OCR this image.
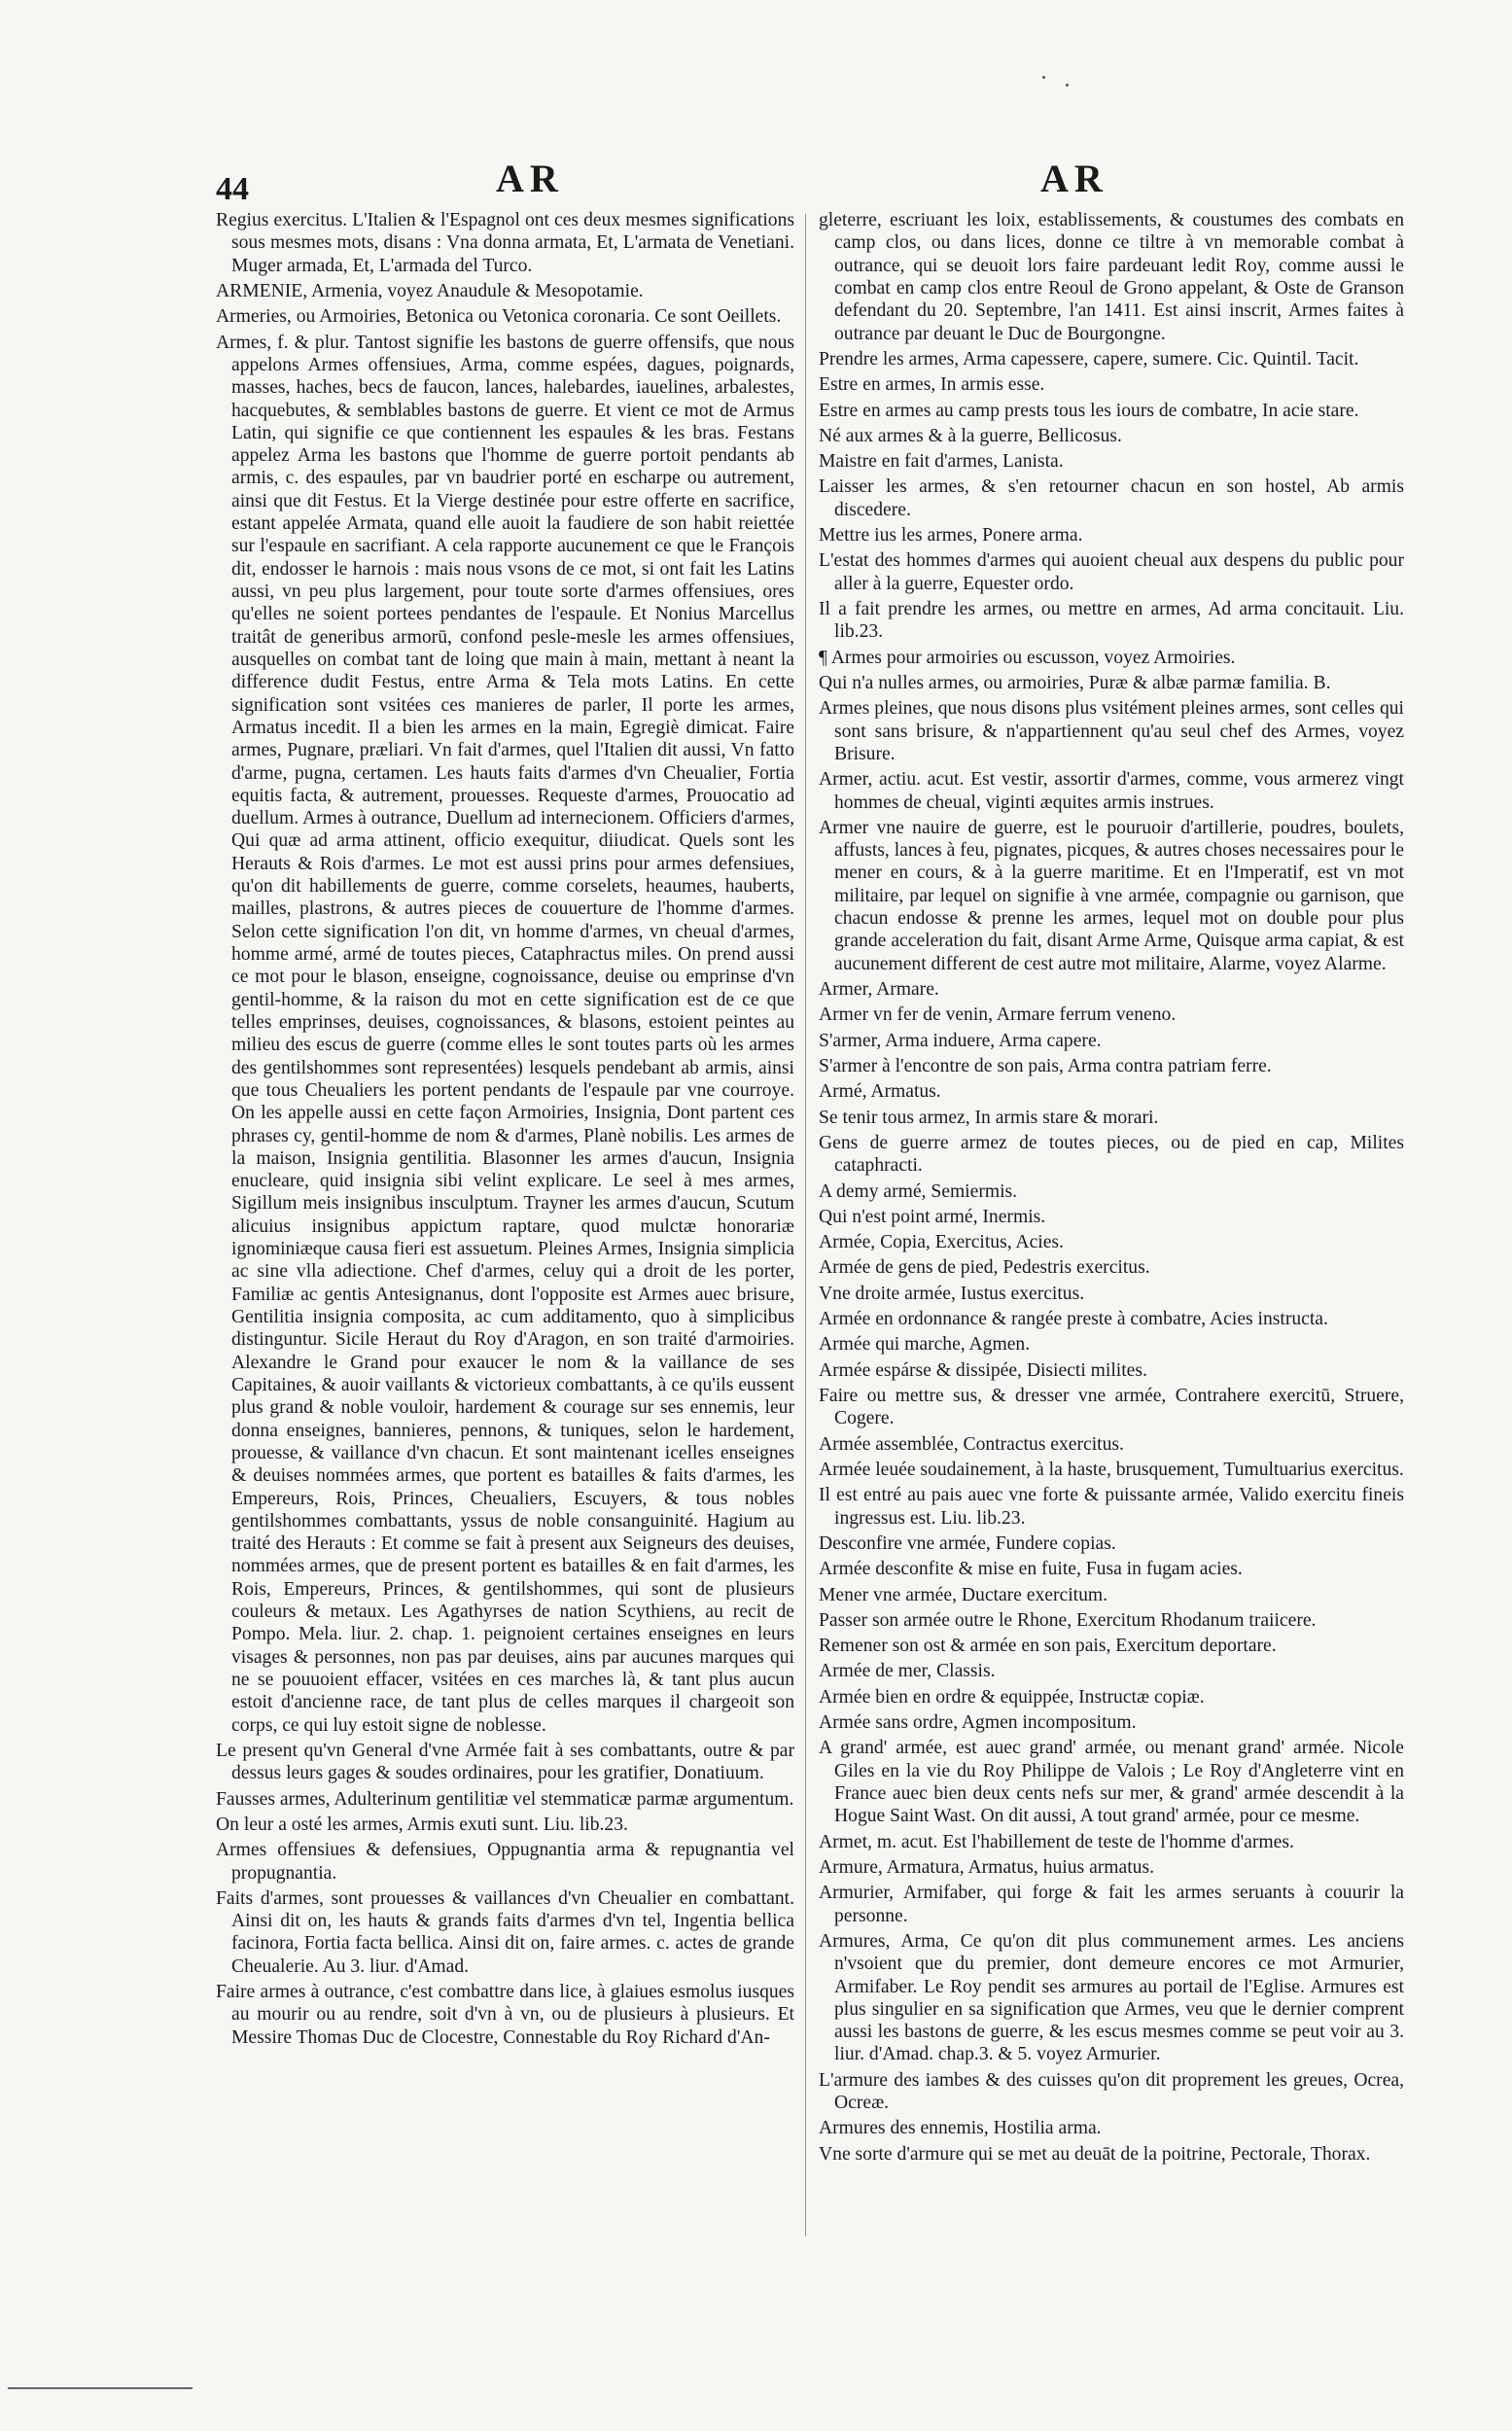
44	AR	AR

Regius exercitus. L'Italien & l'Espagnol ont ces deux mesmes significations sous mesmes mots, disans : Vna donna armata, Et, L'armata de Venetiani. Muger armada, Et, L'armada del Turco.

ARMENIE, Armenia, voyez Anaudule & Mesopotamie.

Armeries, ou Armoiries, Betonica ou Vetonica coronaria. Ce sont Oeillets.

Armes, f. & plur. Tantost signifie les bastons de guerre offensifs, que nous appelons Armes offensiues, Arma, comme espées, dagues, poignards, masses, haches, becs de faucon, lances, halebardes, iauelines, arbalestes, hacquebutes, & semblables bastons de guerre. Et vient ce mot de Armus Latin, qui signifie ce que contiennent les espaules & les bras. Festans appelez Arma les bastons que l'homme de guerre portoit pendants ab armis, c. des espaules, par vn baudrier porté en escharpe ou autrement, ainsi que dit Festus. Et la Vierge destinée pour estre offerte en sacrifice, estant appelée Armata, quand elle auoit la faudiere de son habit reiettée sur l'espaule en sacrifiant. A cela rapporte aucunement ce que le François dit, endosser le harnois : mais nous vsons de ce mot, si ont fait les Latins aussi, vn peu plus largement, pour toute sorte d'armes offensiues, ores qu'elles ne soient portees pendantes de l'espaule. Et Nonius Marcellus traitât de generibus armorū, confond pesle-mesle les armes offensiues, ausquelles on combat tant de loing que main à main, mettant à neant la difference dudit Festus, entre Arma & Tela mots Latins. En cette signification sont vsitées ces manieres de parler, Il porte les armes, Armatus incedit. Il a bien les armes en la main, Egregiè dimicat. Faire armes, Pugnare, præliari. Vn fait d'armes, quel l'Italien dit aussi, Vn fatto d'arme, pugna, certamen. Les hauts faits d'armes d'vn Cheualier, Fortia equitis facta, & autrement, prouesses. Requeste d'armes, Prouocatio ad duellum. Armes à outrance, Duellum ad internecionem. Officiers d'armes, Qui quæ ad arma attinent, officio exequitur, diiudicat. Quels sont les Herauts & Rois d'armes. Le mot est aussi prins pour armes defensiues, qu'on dit habillements de guerre, comme corselets, heaumes, hauberts, mailles, plastrons, & autres pieces de couuerture de l'homme d'armes. Selon cette signification l'on dit, vn homme d'armes, vn cheual d'armes, homme armé, armé de toutes pieces, Cataphractus miles. On prend aussi ce mot pour le blason, enseigne, cognoissance, deuise ou emprinse d'vn gentil-homme, & la raison du mot en cette signification est de ce que telles emprinses, deuises, cognoissances, & blasons, estoient peintes au milieu des escus de guerre (comme elles le sont toutes parts où les armes des gentilshommes sont representées) lesquels pendebant ab armis, ainsi que tous Cheualiers les portent pendants de l'espaule par vne courroye. On les appelle aussi en cette façon Armoiries, Insignia, Dont partent ces phrases cy, gentil-homme de nom & d'armes, Planè nobilis. Les armes de la maison, Insignia gentilitia. Blasonner les armes d'aucun, Insignia enucleare, quid insignia sibi velint explicare. Le seel à mes armes, Sigillum meis insignibus insculptum. Trayner les armes d'aucun, Scutum alicuius insignibus appictum raptare, quod mulctæ honorariæ ignominiæque causa fieri est assuetum. Pleines Armes, Insignia simplicia ac sine vlla adiectione. Chef d'armes, celuy qui a droit de les porter, Familiæ ac gentis Antesignanus, dont l'opposite est Armes auec brisure, Gentilitia insignia composita, ac cum additamento, quo à simplicibus distinguntur. Sicile Heraut du Roy d'Aragon, en son traité d'armoiries. Alexandre le Grand pour exaucer le nom & la vaillance de ses Capitaines, & auoir vaillants & victorieux combattants, à ce qu'ils eussent plus grand & noble vouloir, hardement & courage sur ses ennemis, leur donna enseignes, bannieres, pennons, & tuniques, selon le hardement, prouesse, & vaillance d'vn chacun. Et sont maintenant icelles enseignes & deuises nommées armes, que portent es batailles & faits d'armes, les Empereurs, Rois, Princes, Cheualiers, Escuyers, & tous nobles gentilshommes combattants, yssus de noble consanguinité. Hagium au traité des Herauts : Et comme se fait à present aux Seigneurs des deuises, nommées armes, que de present portent es batailles & en fait d'armes, les Rois, Empereurs, Princes, & gentilshommes, qui sont de plusieurs couleurs & metaux. Les Agathyrses de nation Scythiens, au recit de Pompo. Mela. liur. 2. chap. 1. peignoient certaines enseignes en leurs visages & personnes, non pas par deuises, ains par aucunes marques qui ne se pouuoient effacer, vsitées en ces marches là, & tant plus aucun estoit d'ancienne race, de tant plus de celles marques il chargeoit son corps, ce qui luy estoit signe de noblesse.

Le present qu'vn General d'vne Armée fait à ses combattants, outre & par dessus leurs gages & soudes ordinaires, pour les gratifier, Donatiuum.

Fausses armes, Adulterinum gentilitiæ vel stemmaticæ parmæ argumentum.

On leur a osté les armes, Armis exuti sunt. Liu. lib.23.

Armes offensiues & defensiues, Oppugnantia arma & repugnantia vel propugnantia.

Faits d'armes, sont prouesses & vaillances d'vn Cheualier en combattant. Ainsi dit on, les hauts & grands faits d'armes d'vn tel, Ingentia bellica facinora, Fortia facta bellica. Ainsi dit on, faire armes. c. actes de grande Cheualerie. Au 3. liur. d'Amad.

Faire armes à outrance, c'est combattre dans lice, à glaiues esmolus iusques au mourir ou au rendre, soit d'vn à vn, ou de plusieurs à plusieurs. Et Messire Thomas Duc de Clocestre, Connestable du Roy Richard d'An-

gleterre, escriuant les loix, establissements, & coustumes des combats en camp clos, ou dans lices, donne ce tiltre à vn memorable combat à outrance, qui se deuoit lors faire pardeuant ledit Roy, comme aussi le combat en camp clos entre Reoul de Grono appelant, & Oste de Granson defendant du 20. Septembre, l'an 1411. Est ainsi inscrit, Armes faites à outrance par deuant le Duc de Bourgongne.

Prendre les armes, Arma capessere, capere, sumere. Cic. Quintil. Tacit.

Estre en armes, In armis esse.

Estre en armes au camp prests tous les iours de combatre, In acie stare.

Né aux armes & à la guerre, Bellicosus.

Maistre en fait d'armes, Lanista.

Laisser les armes, & s'en retourner chacun en son hostel, Ab armis discedere.

Mettre ius les armes, Ponere arma.

L'estat des hommes d'armes qui auoient cheual aux despens du public pour aller à la guerre, Equester ordo.

Il a fait prendre les armes, ou mettre en armes, Ad arma concitauit. Liu. lib.23.

¶ Armes pour armoiries ou escusson, voyez Armoiries.

Qui n'a nulles armes, ou armoiries, Puræ & albæ parmæ familia. B.

Armes pleines, que nous disons plus vsitément pleines armes, sont celles qui sont sans brisure, & n'appartiennent qu'au seul chef des Armes, voyez Brisure.

Armer, actiu. acut. Est vestir, assortir d'armes, comme, vous armerez vingt hommes de cheual, viginti æquites armis instrues.

Armer vne nauire de guerre, est le pouruoir d'artillerie, poudres, boulets, affusts, lances à feu, pignates, picques, & autres choses necessaires pour le mener en cours, & à la guerre maritime. Et en l'Imperatif, est vn mot militaire, par lequel on signifie à vne armée, compagnie ou garnison, que chacun endosse & prenne les armes, lequel mot on double pour plus grande acceleration du fait, disant Arme Arme, Quisque arma capiat, & est aucunement different de cest autre mot militaire, Alarme, voyez Alarme.

Armer, Armare.

Armer vn fer de venin, Armare ferrum veneno.

S'armer, Arma induere, Arma capere.

S'armer à l'encontre de son pais, Arma contra patriam ferre.

Armé, Armatus.

Se tenir tous armez, In armis stare & morari.

Gens de guerre armez de toutes pieces, ou de pied en cap, Milites cataphracti.

A demy armé, Semiermis.

Qui n'est point armé, Inermis.

Armée, Copia, Exercitus, Acies.

Armée de gens de pied, Pedestris exercitus.

Vne droite armée, Iustus exercitus.

Armée en ordonnance & rangée preste à combatre, Acies instructa.

Armée qui marche, Agmen.

Armée espárse & dissipée, Disiecti milites.

Faire ou mettre sus, & dresser vne armée, Contrahere exercitū, Struere, Cogere.

Armée assemblée, Contractus exercitus.

Armée leuée soudainement, à la haste, brusquement, Tumultuarius exercitus.

Il est entré au pais auec vne forte & puissante armée, Valido exercitu fineis ingressus est. Liu. lib.23.

Desconfire vne armée, Fundere copias.

Armée desconfite & mise en fuite, Fusa in fugam acies.

Mener vne armée, Ductare exercitum.

Passer son armée outre le Rhone, Exercitum Rhodanum traiicere.

Remener son ost & armée en son pais, Exercitum deportare.

Armée de mer, Classis.

Armée bien en ordre & equippée, Instructæ copiæ.

Armée sans ordre, Agmen incompositum.

A grand' armée, est auec grand' armée, ou menant grand' armée. Nicole Giles en la vie du Roy Philippe de Valois ; Le Roy d'Angleterre vint en France auec bien deux cents nefs sur mer, & grand' armée descendit à la Hogue Saint Wast. On dit aussi, A tout grand' armée, pour ce mesme.

Armet, m. acut. Est l'habillement de teste de l'homme d'armes.

Armure, Armatura, Armatus, huius armatus.

Armurier, Armifaber, qui forge & fait les armes seruants à couurir la personne.

Armures, Arma, Ce qu'on dit plus communement armes. Les anciens n'vsoient que du premier, dont demeure encores ce mot Armurier, Armifaber. Le Roy pendit ses armures au portail de l'Eglise. Armures est plus singulier en sa signification que Armes, veu que le dernier comprent aussi les bastons de guerre, & les escus mesmes comme se peut voir au 3. liur. d'Amad. chap.3. & 5. voyez Armurier.

L'armure des iambes & des cuisses qu'on dit proprement les greues, Ocrea, Ocreæ.

Armures des ennemis, Hostilia arma.

Vne sorte d'armure qui se met au deuāt de la poitrine, Pectorale, Thorax.
